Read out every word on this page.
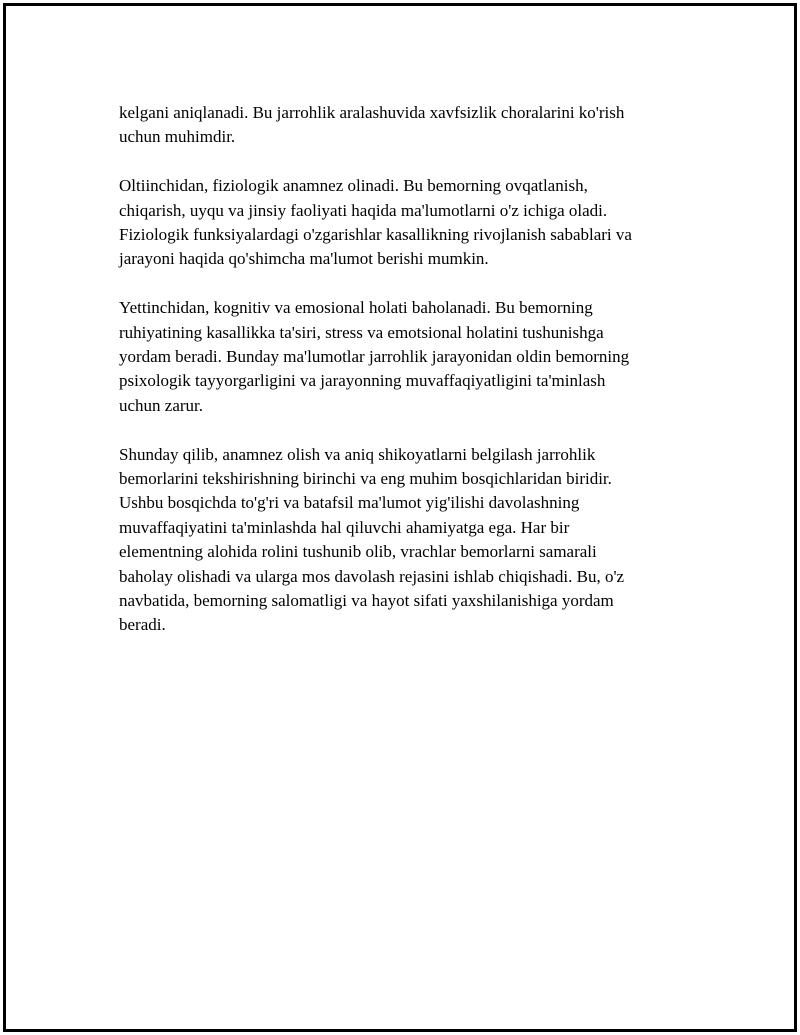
kelgani aniqlanadi. Bu jarrohlik aralashuvida xavfsizlik choralarini ko'rish
uchun muhimdir.

Oltiinchidan, fiziologik anamnez olinadi. Bu bemorning ovqatlanish,
chiqarish, uyqu va jinsiy faoliyati haqida ma'lumotlarni o'z ichiga oladi.
Fiziologik funksiyalardagi o'zgarishlar kasallikning rivojlanish sabablari va
jarayoni haqida qo'shimcha ma'lumot berishi mumkin.

Yettinchidan, kognitiv va emosional holati baholanadi. Bu bemorning
ruhiyatining kasallikka ta'siri, stress va emotsional holatini tushunishga
yordam beradi. Bunday ma'lumotlar jarrohlik jarayonidan oldin bemorning
psixologik tayyorgarligini va jarayonning muvaffaqiyatligini ta'minlash
uchun zarur.

Shunday qilib, anamnez olish va aniq shikoyatlarni belgilash jarrohlik
bemorlarini tekshirishning birinchi va eng muhim bosqichlaridan biridir.
Ushbu bosqichda to'g'ri va batafsil ma'lumot yig'ilishi davolashning
muvaffaqiyatini ta'minlashda hal qiluvchi ahamiyatga ega. Har bir
elementning alohida rolini tushunib olib, vrachlar bemorlarni samarali
baholay olishadi va ularga mos davolash rejasini ishlab chiqishadi. Bu, o'z
navbatida, bemorning salomatligi va hayot sifati yaxshilanishiga yordam
beradi.
